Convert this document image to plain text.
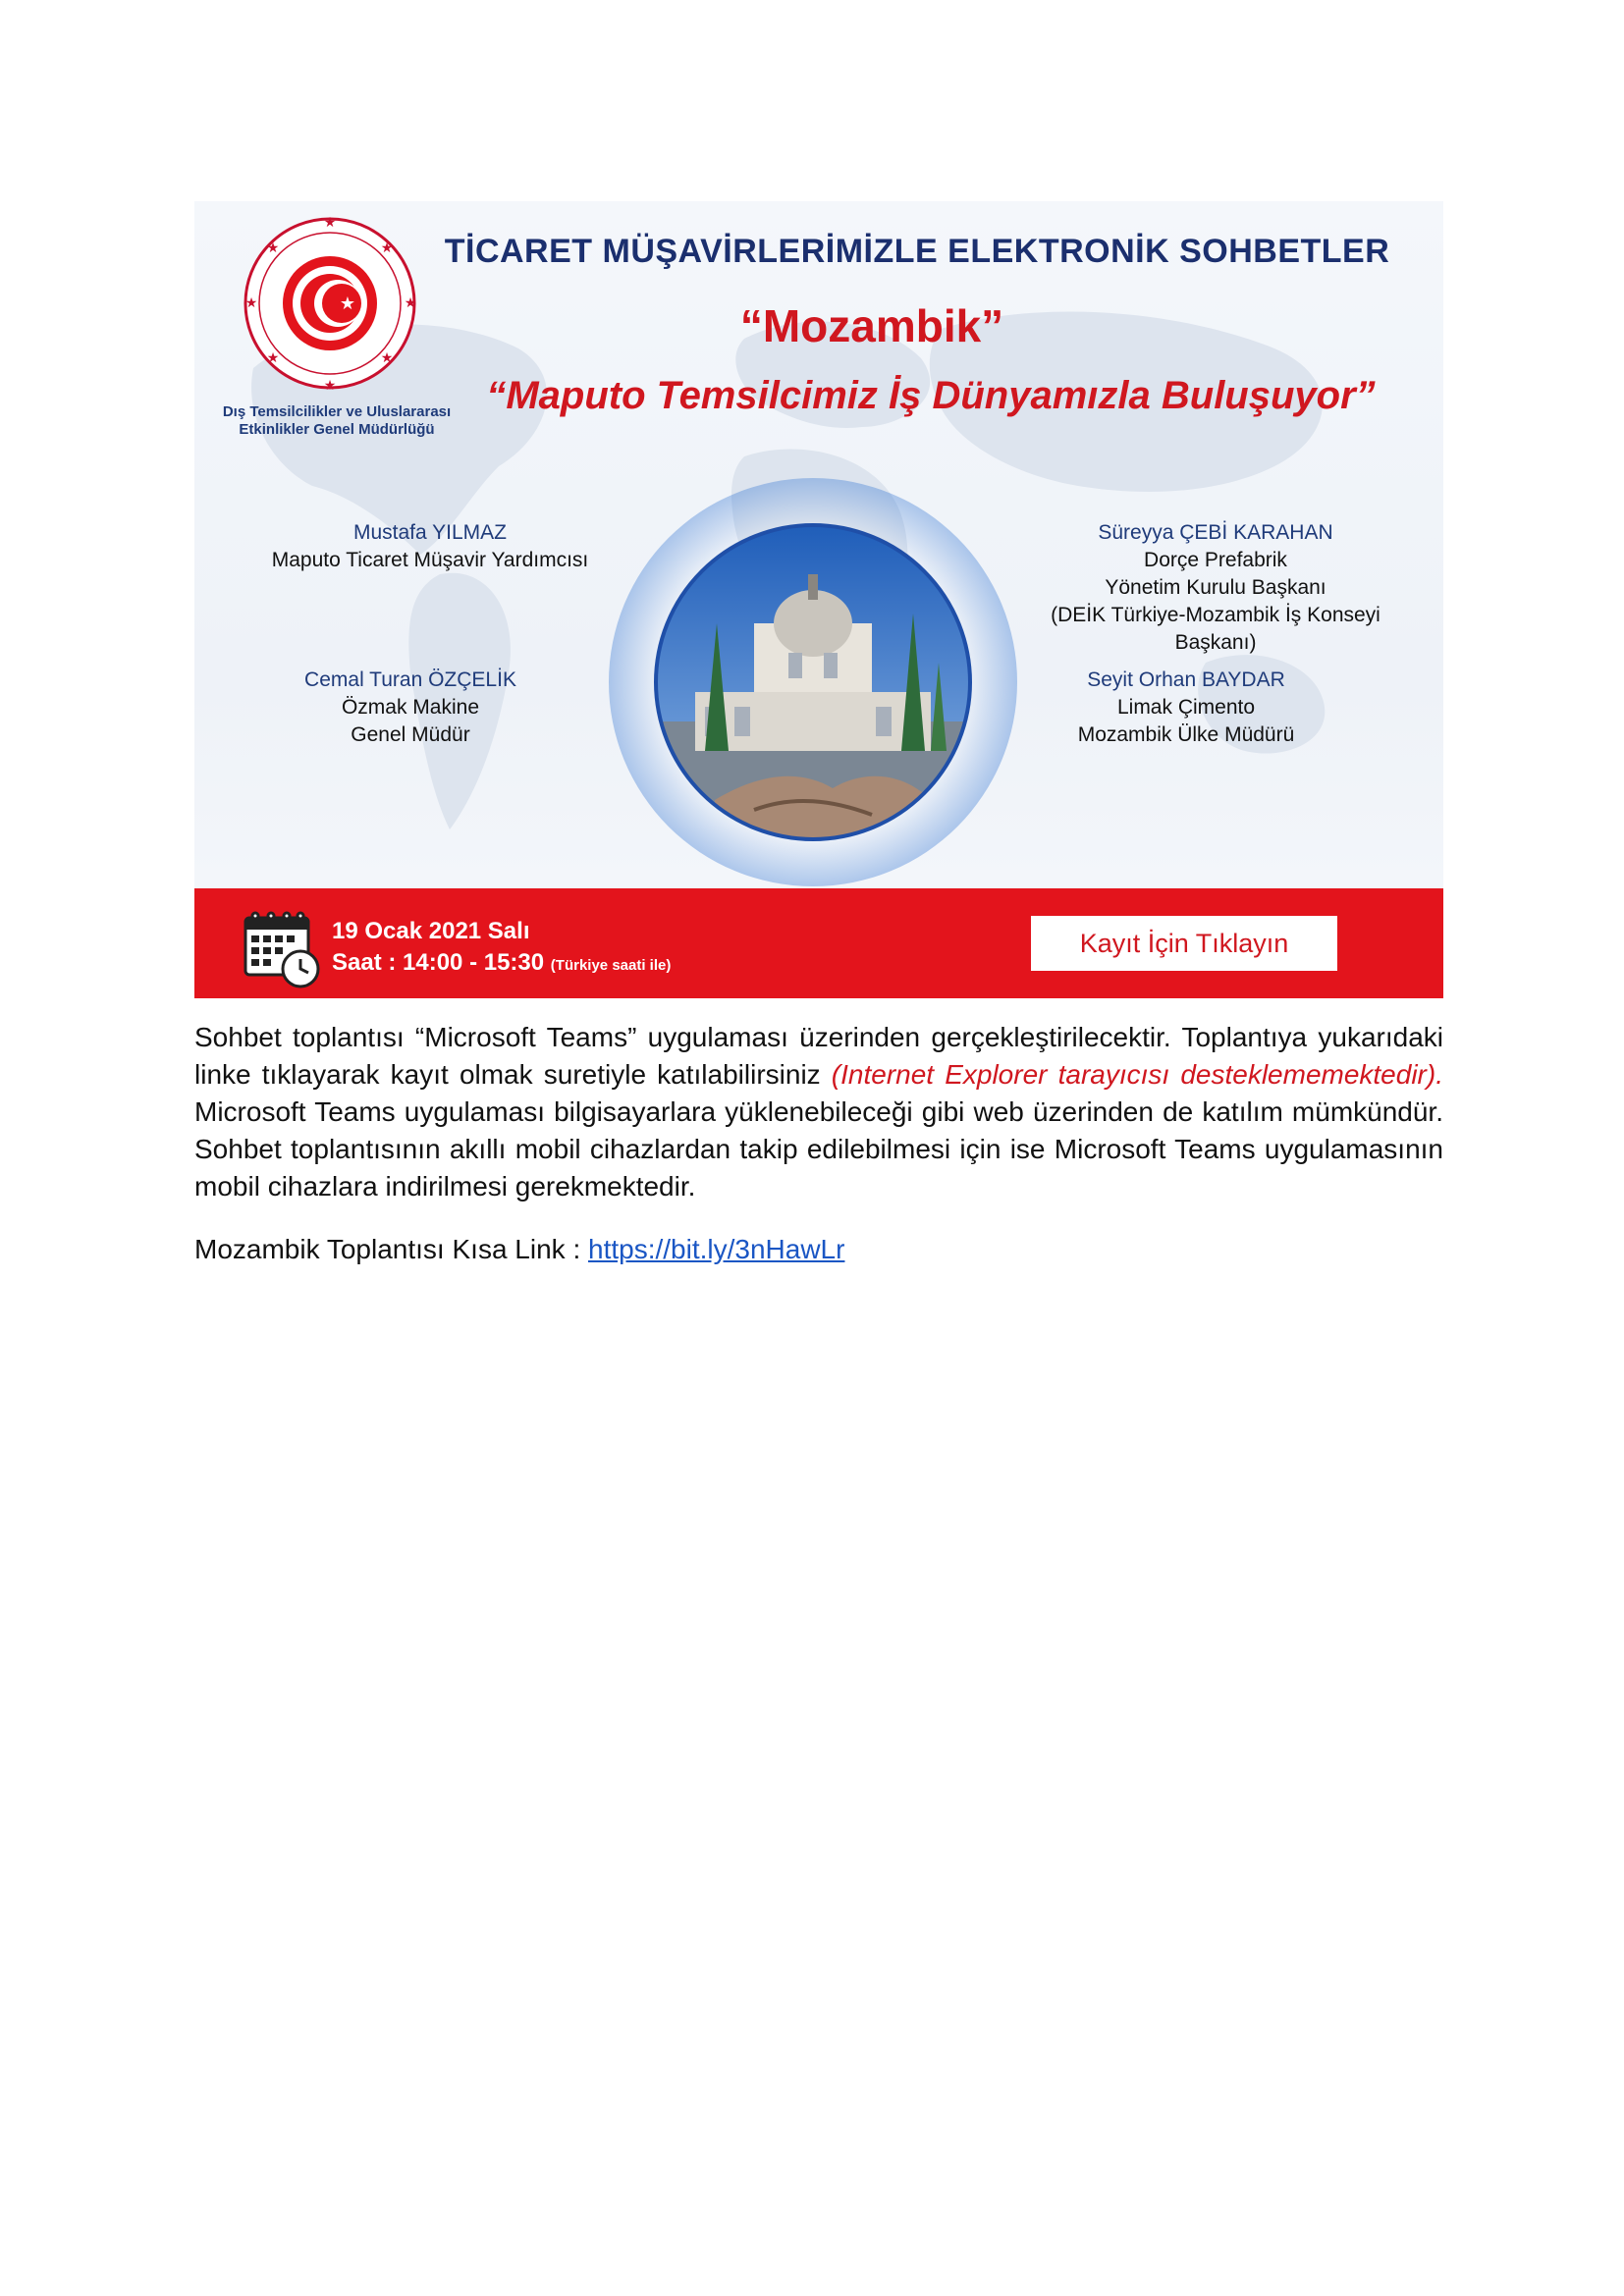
★
★
★
★
★
★
★
★
★
Dış Temsilcilikler ve Uluslararası
Etkinlikler Genel Müdürlüğü
TİCARET MÜŞAVİRLERİMİZLE ELEKTRONİK SOHBETLER
“Mozambik”
“Maputo Temsilcimiz İş Dünyamızla Buluşuyor”
Mustafa YILMAZ
Maputo Ticaret Müşavir Yardımcısı
Süreyya ÇEBİ KARAHAN
Dorçe Prefabrik
Yönetim Kurulu Başkanı
(DEİK Türkiye-Mozambik İş Konseyi Başkanı)
Cemal Turan ÖZÇELİK
Özmak Makine
Genel Müdür
Seyit Orhan BAYDAR
Limak Çimento
Mozambik Ülke Müdürü
19 Ocak 2021 Salı
Saat : 14:00 - 15:30 (Türkiye saati ile)
Kayıt İçin Tıklayın
Sohbet toplantısı “Microsoft Teams” uygulaması üzerinden gerçekleştirilecektir. Toplantıya yukarıdaki linke tıklayarak kayıt olmak suretiyle katılabilirsiniz (Internet Explorer tarayıcısı desteklememektedir). Microsoft Teams uygulaması bilgisayarlara yüklenebileceği gibi web üzerinden de katılım mümkündür. Sohbet toplantısının akıllı mobil cihazlardan takip edilebilmesi için ise Microsoft Teams uygulamasının mobil cihazlara indirilmesi gerekmektedir.
Mozambik Toplantısı Kısa Link : https://bit.ly/3nHawLr
